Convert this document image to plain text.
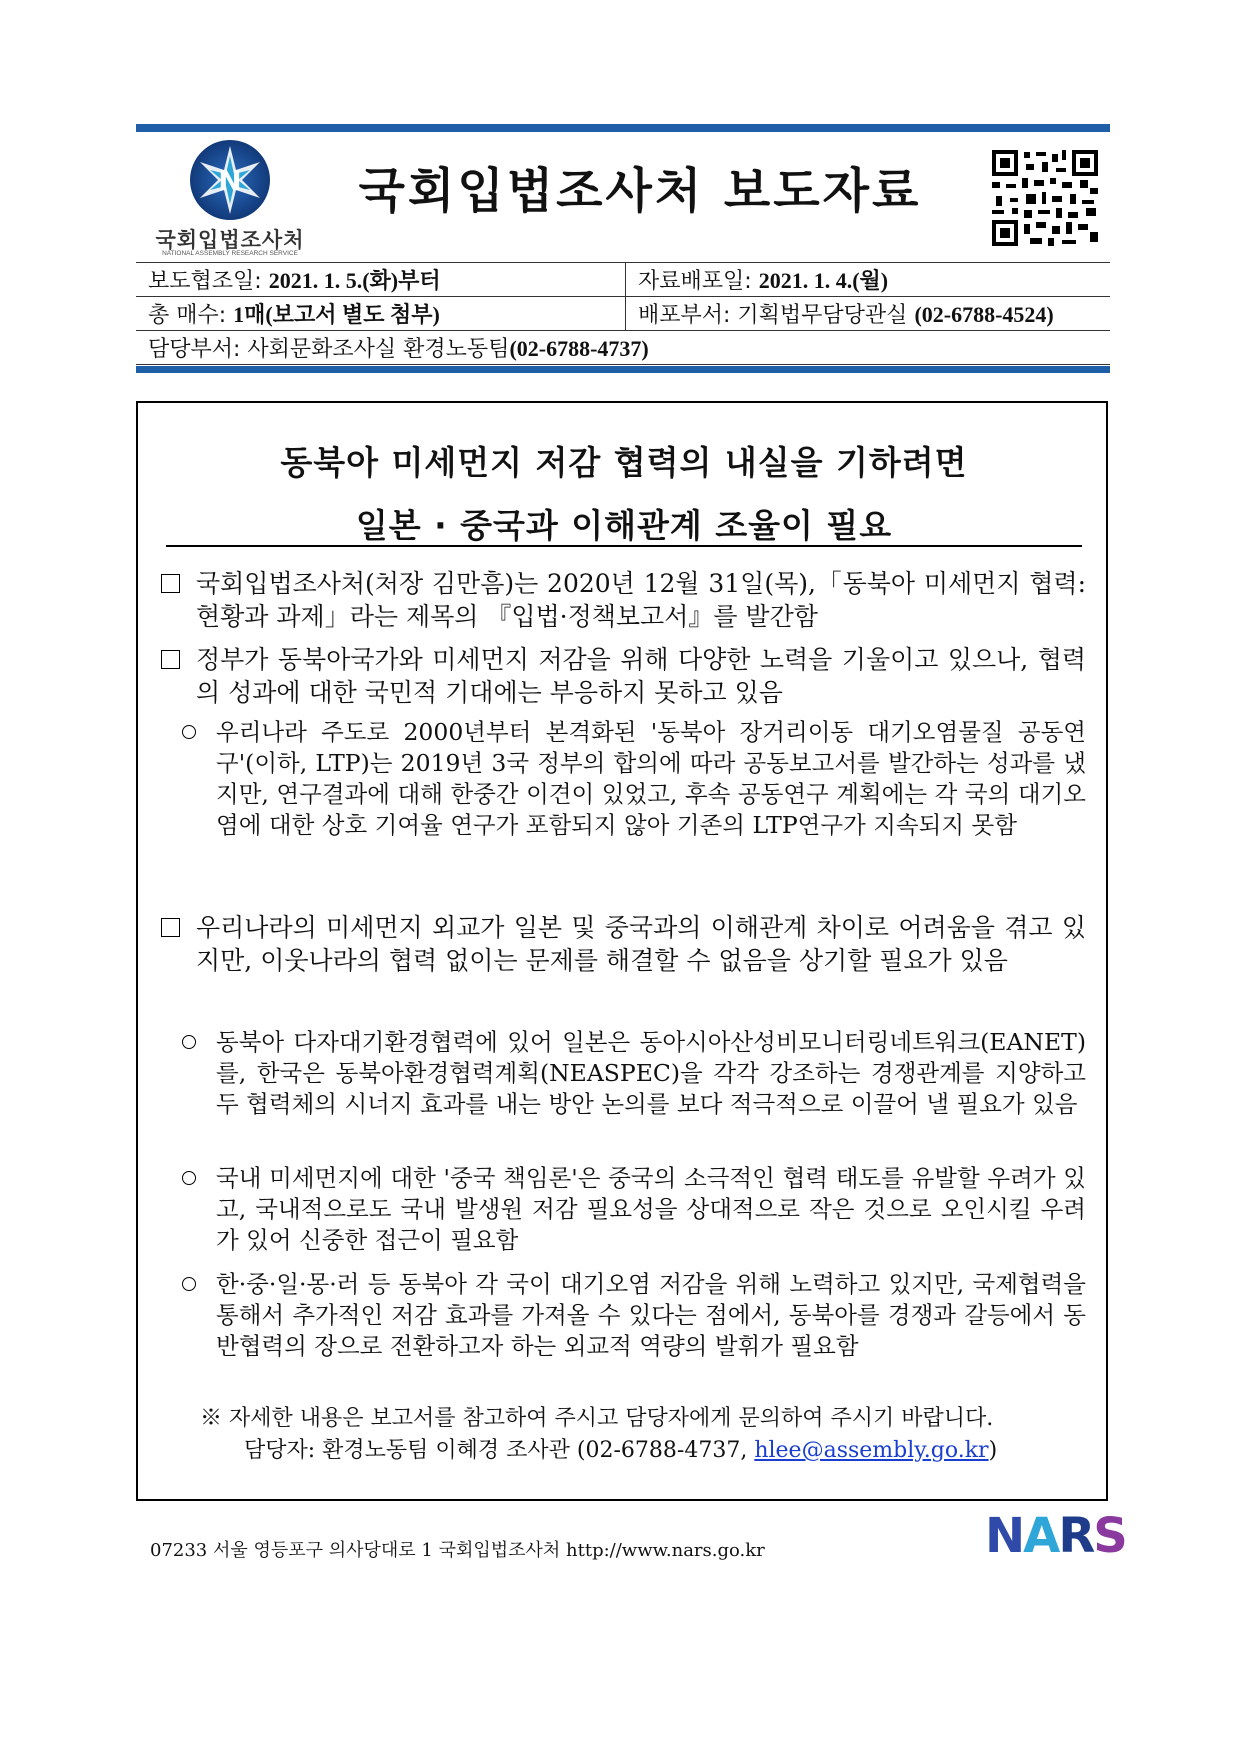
N
국회입법조사처
NATIONAL ASSEMBLY RESEARCH SERVICE
국회입법조사처 보도자료
보도협조일: 2021. 1. 5.(화)부터	자료배포일: 2021. 1. 4.(월)
총 매수: 1매(보고서 별도 첨부)	배포부서: 기획법무담당관실 (02-6788-4524)
담당부서: 사회문화조사실 환경노동팀(02-6788-4737)	
동북아 미세먼지 저감 협력의 내실을 기하려면
일본 · 중국과 이해관계 조율이 필요
국회입법조사처(처장 김만흠)는 2020년 12월 31일(목),「동북아 미세먼지 협력: 현황과 과제」라는 제목의 『입법·정책보고서』를 발간함
정부가 동북아국가와 미세먼지 저감을 위해 다양한 노력을 기울이고 있으나, 협력의 성과에 대한 국민적 기대에는 부응하지 못하고 있음
우리나라 주도로 2000년부터 본격화된 '동북아 장거리이동 대기오염물질 공동연구'(이하, LTP)는 2019년 3국 정부의 합의에 따라 공동보고서를 발간하는 성과를 냈지만, 연구결과에 대해 한중간 이견이 있었고, 후속 공동연구 계획에는 각 국의 대기오염에 대한 상호 기여율 연구가 포함되지 않아 기존의 LTP연구가 지속되지 못함
우리나라의 미세먼지 외교가 일본 및 중국과의 이해관계 차이로 어려움을 겪고 있지만, 이웃나라의 협력 없이는 문제를 해결할 수 없음을 상기할 필요가 있음
동북아 다자대기환경협력에 있어 일본은 동아시아산성비모니터링네트워크(EANET)를, 한국은 동북아환경협력계획(NEASPEC)을 각각 강조하는 경쟁관계를 지양하고 두 협력체의 시너지 효과를 내는 방안 논의를 보다 적극적으로 이끌어 낼 필요가 있음
국내 미세먼지에 대한 '중국 책임론'은 중국의 소극적인 협력 태도를 유발할 우려가 있고, 국내적으로도 국내 발생원 저감 필요성을 상대적으로 작은 것으로 오인시킬 우려가 있어 신중한 접근이 필요함
한·중·일·몽·러 등 동북아 각 국이 대기오염 저감을 위해 노력하고 있지만, 국제협력을 통해서 추가적인 저감 효과를 가져올 수 있다는 점에서, 동북아를 경쟁과 갈등에서 동반협력의 장으로 전환하고자 하는 외교적 역량의 발휘가 필요함
※ 자세한 내용은 보고서를 참고하여 주시고 담당자에게 문의하여 주시기 바랍니다.
담당자: 환경노동팀 이혜경 조사관 (02-6788-4737, hlee@assembly.go.kr)
07233 서울 영등포구 의사당대로 1 국회입법조사처 http://www.nars.go.kr	NARS
